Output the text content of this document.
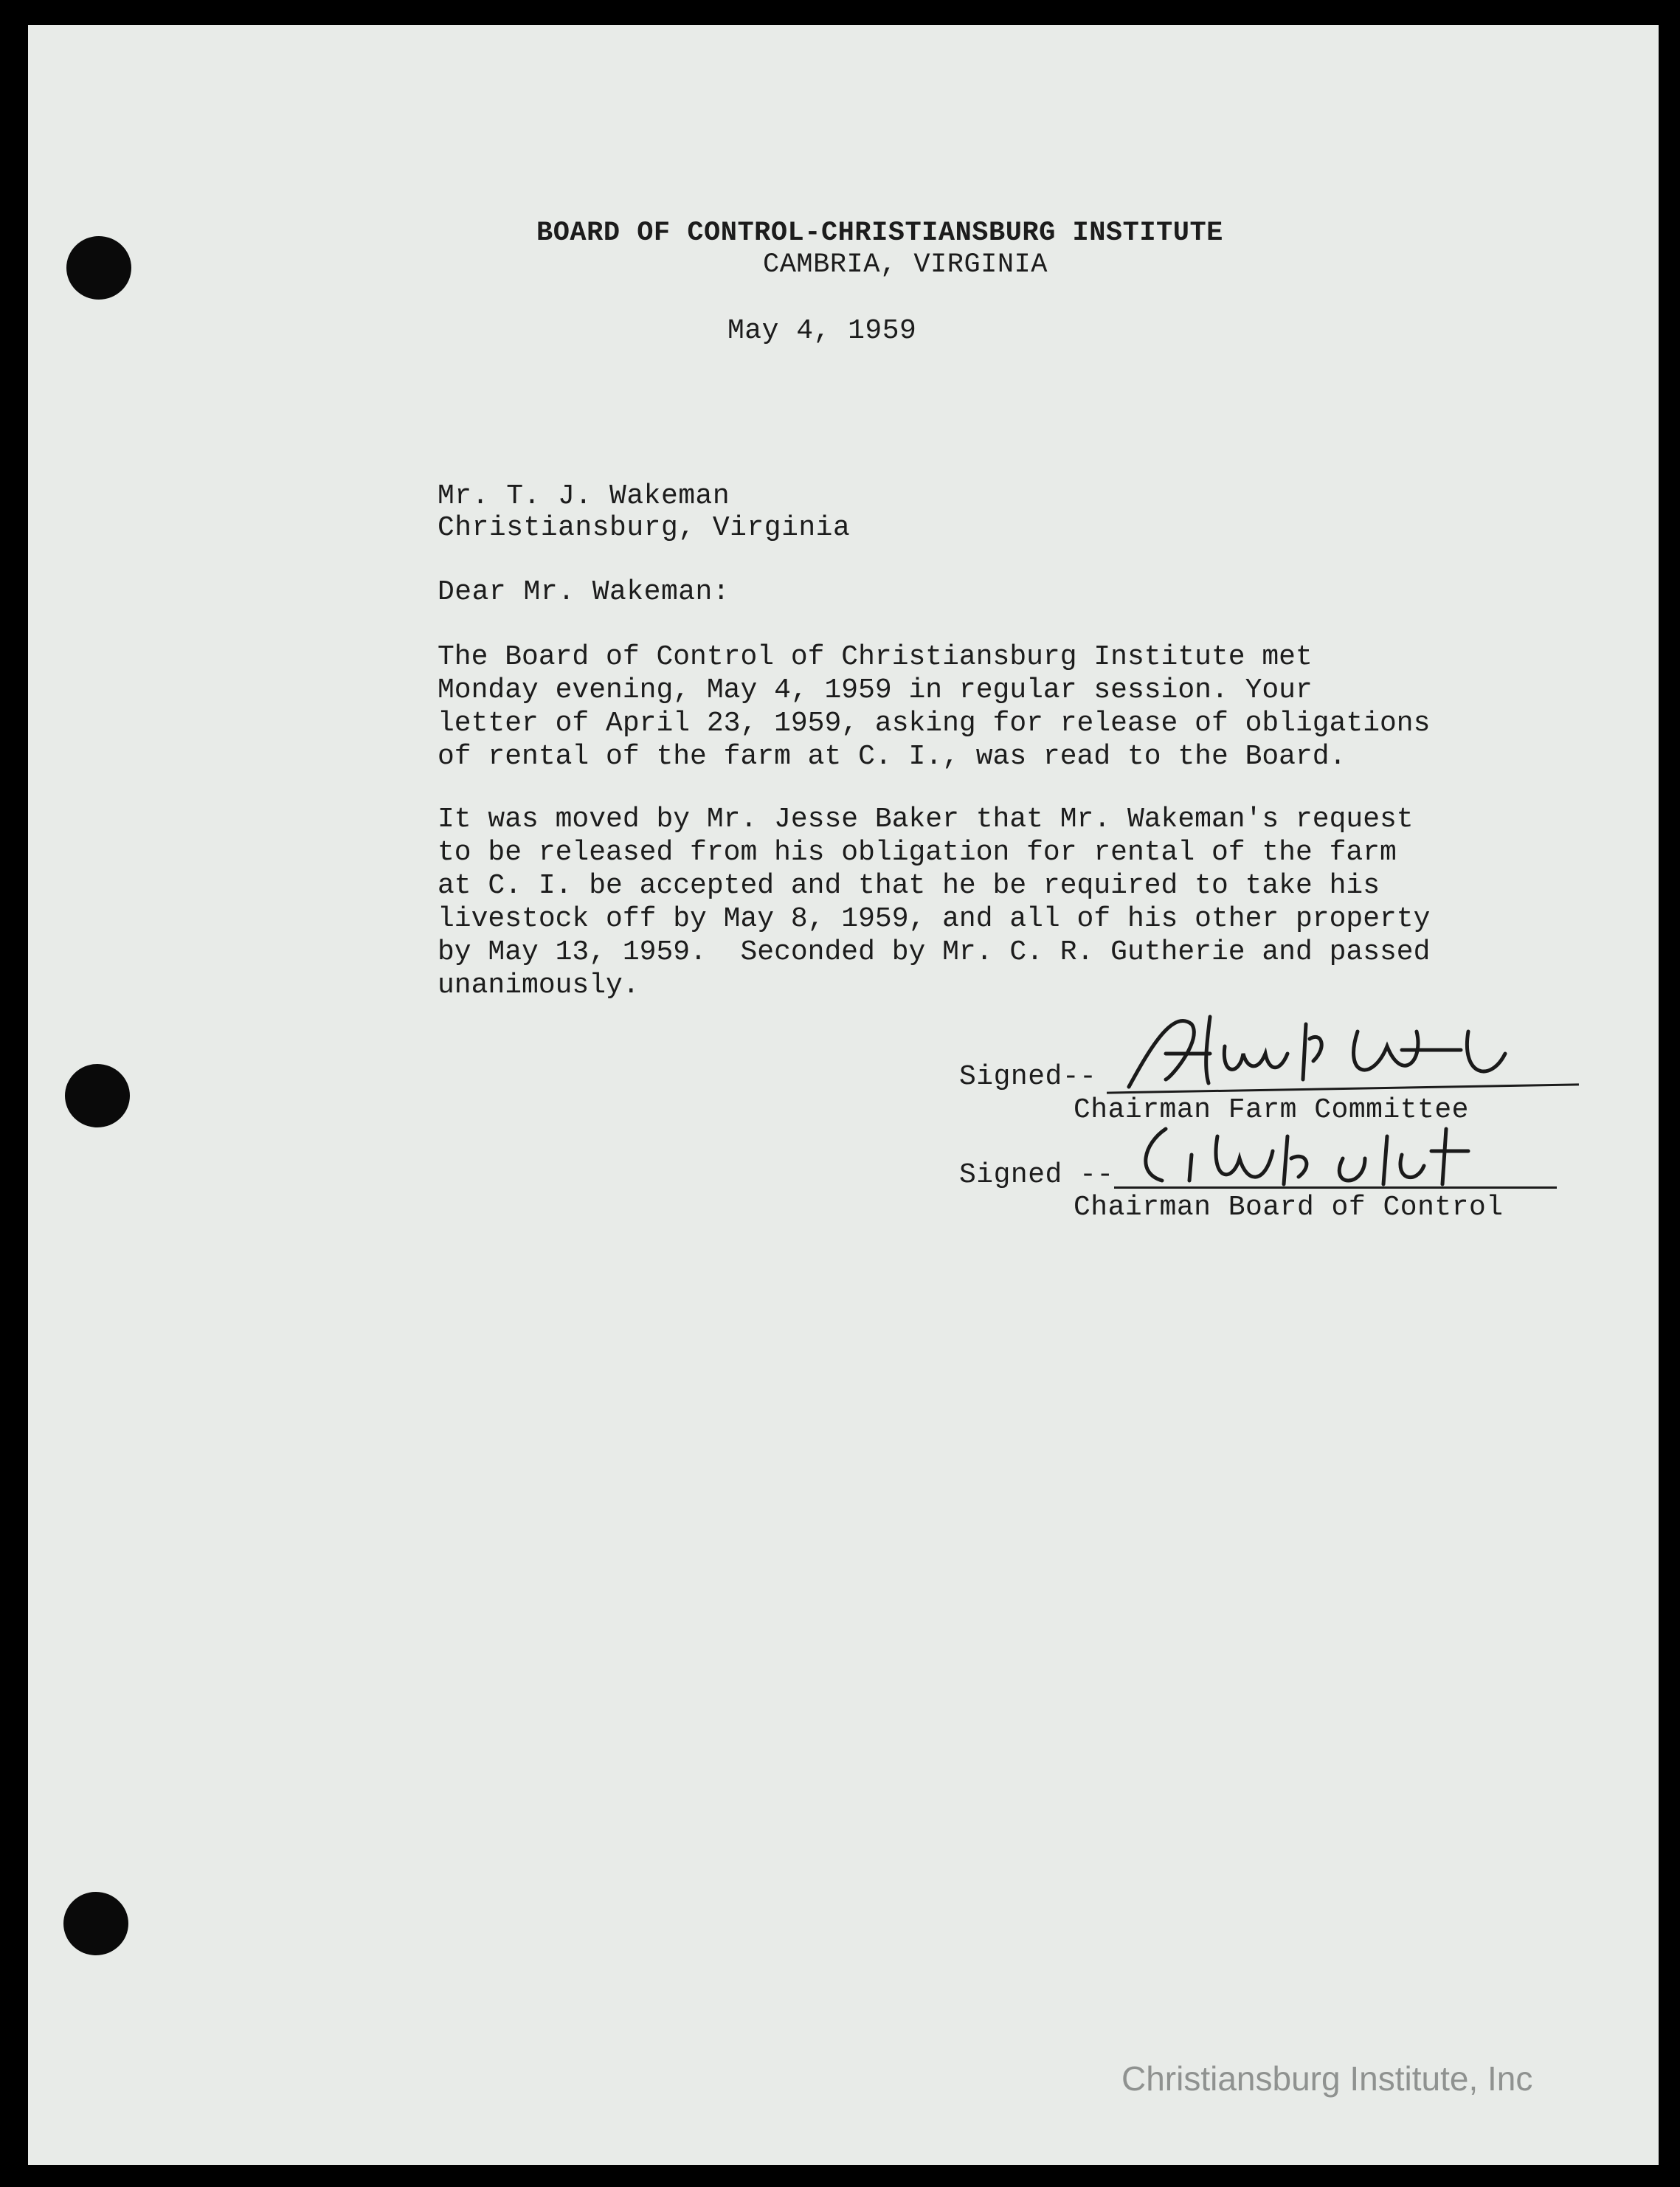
BOARD OF CONTROL-CHRISTIANSBURG INSTITUTE
CAMBRIA, VIRGINIA
May 4, 1959
Mr. T. J. Wakeman
Christiansburg, Virginia
Dear Mr. Wakeman:
The Board of Control of Christiansburg Institute met
Monday evening, May 4, 1959 in regular session. Your
letter of April 23, 1959, asking for release of obligations
of rental of the farm at C. I., was read to the Board.
It was moved by Mr. Jesse Baker that Mr. Wakeman's request
to be released from his obligation for rental of the farm
at C. I. be accepted and that he be required to take his
livestock off by May 8, 1959, and all of his other property
by May 13, 1959.  Seconded by Mr. C. R. Gutherie and passed
unanimously.
Signed--
Chairman Farm Committee
Signed --
Chairman Board of Control
Christiansburg Institute, Inc
